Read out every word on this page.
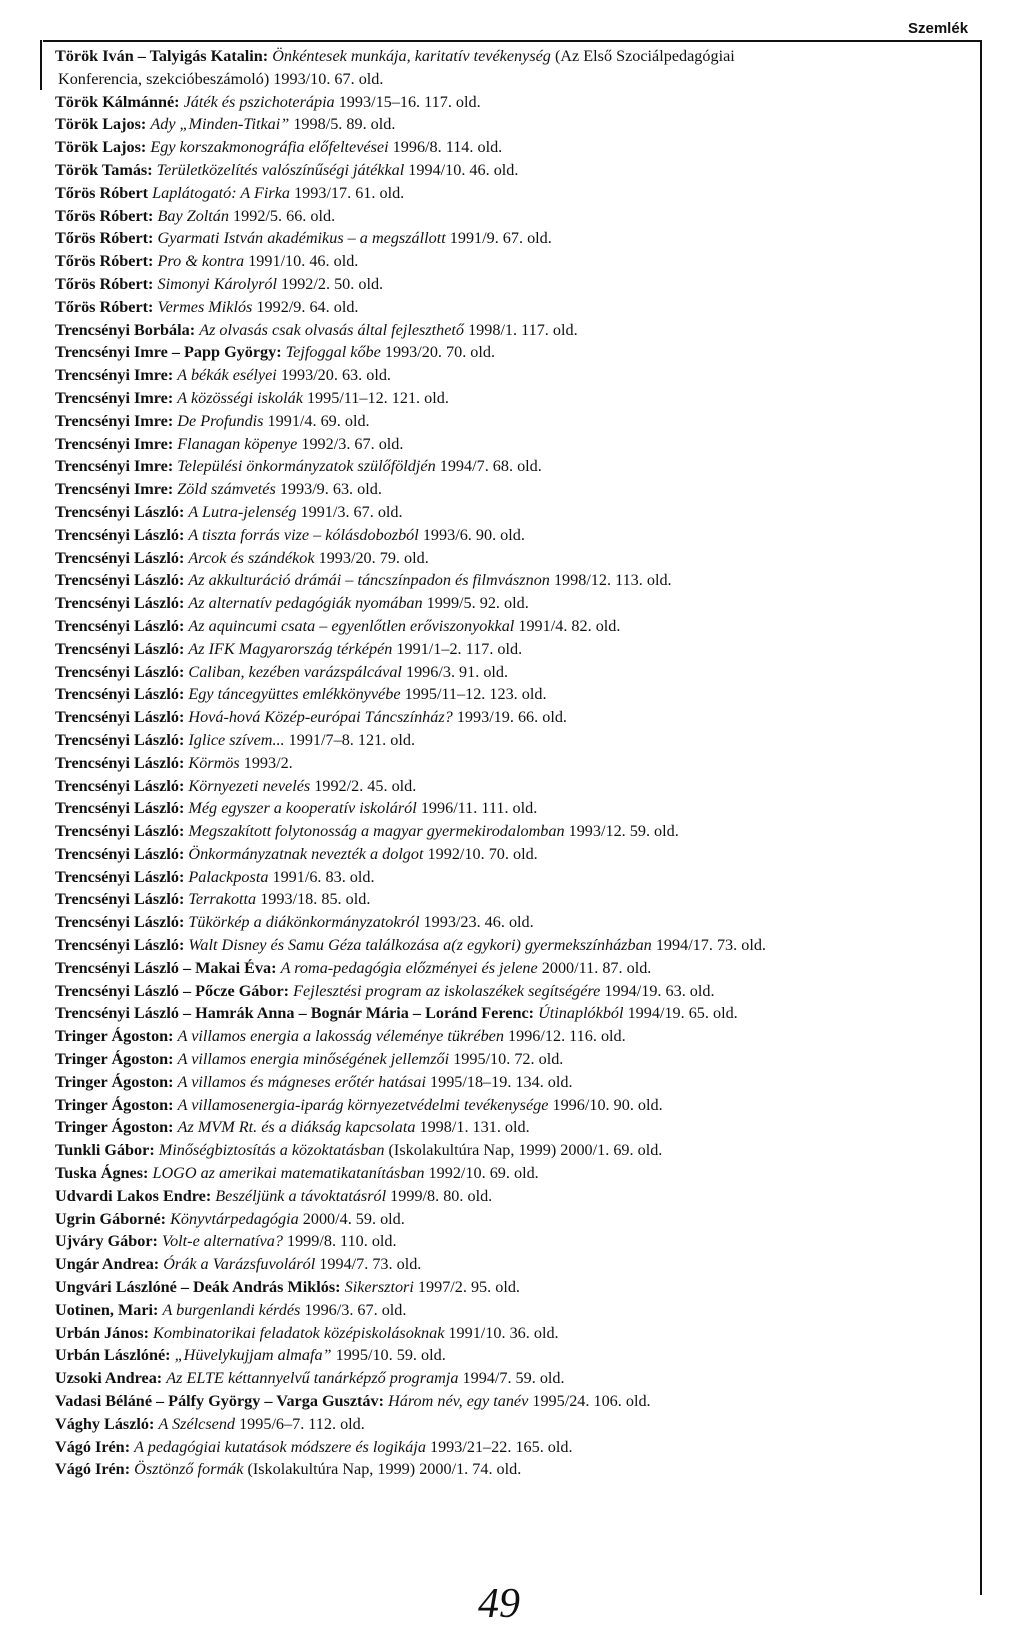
Szemlék
Török Iván – Talyigás Katalin: Önkéntesek munkája, karitatív tevékenység (Az Első Szociálpedagógiai
Konferencia, szekcióbeszámoló) 1993/10. 67. old.
Török Kálmánné: Játék és pszichoterápia 1993/15–16. 117. old.
Török Lajos: Ady „Minden-Titkai” 1998/5. 89. old.
Török Lajos: Egy korszakmonográfia előfeltevései 1996/8. 114. old.
Török Tamás: Területközelítés valószínűségi játékkal 1994/10. 46. old.
Tőrös Róbert Laplátogató: A Firka 1993/17. 61. old.
Tőrös Róbert: Bay Zoltán 1992/5. 66. old.
Tőrös Róbert: Gyarmati István akadémikus – a megszállott 1991/9. 67. old.
Tőrös Róbert: Pro & kontra 1991/10. 46. old.
Tőrös Róbert: Simonyi Károlyról 1992/2. 50. old.
Tőrös Róbert: Vermes Miklós 1992/9. 64. old.
Trencsényi Borbála: Az olvasás csak olvasás által fejleszthető 1998/1. 117. old.
Trencsényi Imre – Papp György: Tejfoggal kőbe 1993/20. 70. old.
Trencsényi Imre: A békák esélyei 1993/20. 63. old.
Trencsényi Imre: A közösségi iskolák 1995/11–12. 121. old.
Trencsényi Imre: De Profundis 1991/4. 69. old.
Trencsényi Imre: Flanagan köpenye 1992/3. 67. old.
Trencsényi Imre: Települési önkormányzatok szülőföldjén 1994/7. 68. old.
Trencsényi Imre: Zöld számvetés 1993/9. 63. old.
Trencsényi László: A Lutra-jelenség 1991/3. 67. old.
Trencsényi László: A tiszta forrás vize – kólásdobozból 1993/6. 90. old.
Trencsényi László: Arcok és szándékok 1993/20. 79. old.
Trencsényi László: Az akkulturáció drámái – táncszínpadon és filmvásznon 1998/12. 113. old.
Trencsényi László: Az alternatív pedagógiák nyomában 1999/5. 92. old.
Trencsényi László: Az aquincumi csata – egyenlőtlen erőviszonyokkal 1991/4. 82. old.
Trencsényi László: Az IFK Magyarország térképén 1991/1–2. 117. old.
Trencsényi László: Caliban, kezében varázspálcával 1996/3. 91. old.
Trencsényi László: Egy táncegyüttes emlékkönyvébe 1995/11–12. 123. old.
Trencsényi László: Hová-hová Közép-európai Táncszínház? 1993/19. 66. old.
Trencsényi László: Iglice szívem... 1991/7–8. 121. old.
Trencsényi László: Körmös 1993/2.
Trencsényi László: Környezeti nevelés 1992/2. 45. old.
Trencsényi László: Még egyszer a kooperatív iskoláról 1996/11. 111. old.
Trencsényi László: Megszakított folytonosság a magyar gyermekirodalomban 1993/12. 59. old.
Trencsényi László: Önkormányzatnak nevezték a dolgot 1992/10. 70. old.
Trencsényi László: Palackposta 1991/6. 83. old.
Trencsényi László: Terrakotta 1993/18. 85. old.
Trencsényi László: Tükörkép a diákönkormányzatokról 1993/23. 46. old.
Trencsényi László: Walt Disney és Samu Géza találkozása a(z egykori) gyermekszínházban 1994/17. 73. old.
Trencsényi László – Makai Éva: A roma-pedagógia előzményei és jelene 2000/11. 87. old.
Trencsényi László – Pőcze Gábor: Fejlesztési program az iskolaszékek segítségére 1994/19. 63. old.
Trencsényi László – Hamrák Anna – Bognár Mária – Loránd Ferenc: Útinaplókból 1994/19. 65. old.
Tringer Ágoston: A villamos energia a lakosság véleménye tükrében 1996/12. 116. old.
Tringer Ágoston: A villamos energia minőségének jellemzői 1995/10. 72. old.
Tringer Ágoston: A villamos és mágneses erőtér hatásai 1995/18–19. 134. old.
Tringer Ágoston: A villamosenergia-iparág környezetvédelmi tevékenysége 1996/10. 90. old.
Tringer Ágoston: Az MVM Rt. és a diákság kapcsolata 1998/1. 131. old.
Tunkli Gábor: Minőségbiztosítás a közoktatásban (Iskolakultúra Nap, 1999) 2000/1. 69. old.
Tuska Ágnes: LOGO az amerikai matematikatanításban 1992/10. 69. old.
Udvardi Lakos Endre: Beszéljünk a távoktatásról 1999/8. 80. old.
Ugrin Gáborné: Könyvtárpedagógia 2000/4. 59. old.
Ujváry Gábor: Volt-e alternatíva? 1999/8. 110. old.
Ungár Andrea: Órák a Varázsfuvoláról 1994/7. 73. old.
Ungvári Lászlóné – Deák András Miklós: Sikersztori 1997/2. 95. old.
Uotinen, Mari: A burgenlandi kérdés 1996/3. 67. old.
Urbán János: Kombinatorikai feladatok középiskolásoknak 1991/10. 36. old.
Urbán Lászlóné: „Hüvelykujjam almafa” 1995/10. 59. old.
Uzsoki Andrea: Az ELTE kéttannyelvű tanárképző programja 1994/7. 59. old.
Vadasi Béláné – Pálfy György – Varga Gusztáv: Három név, egy tanév 1995/24. 106. old.
Vághy László: A Szélcsend 1995/6–7. 112. old.
Vágó Irén: A pedagógiai kutatások módszere és logikája 1993/21–22. 165. old.
Vágó Irén: Ösztönző formák (Iskolakultúra Nap, 1999) 2000/1. 74. old.
49
